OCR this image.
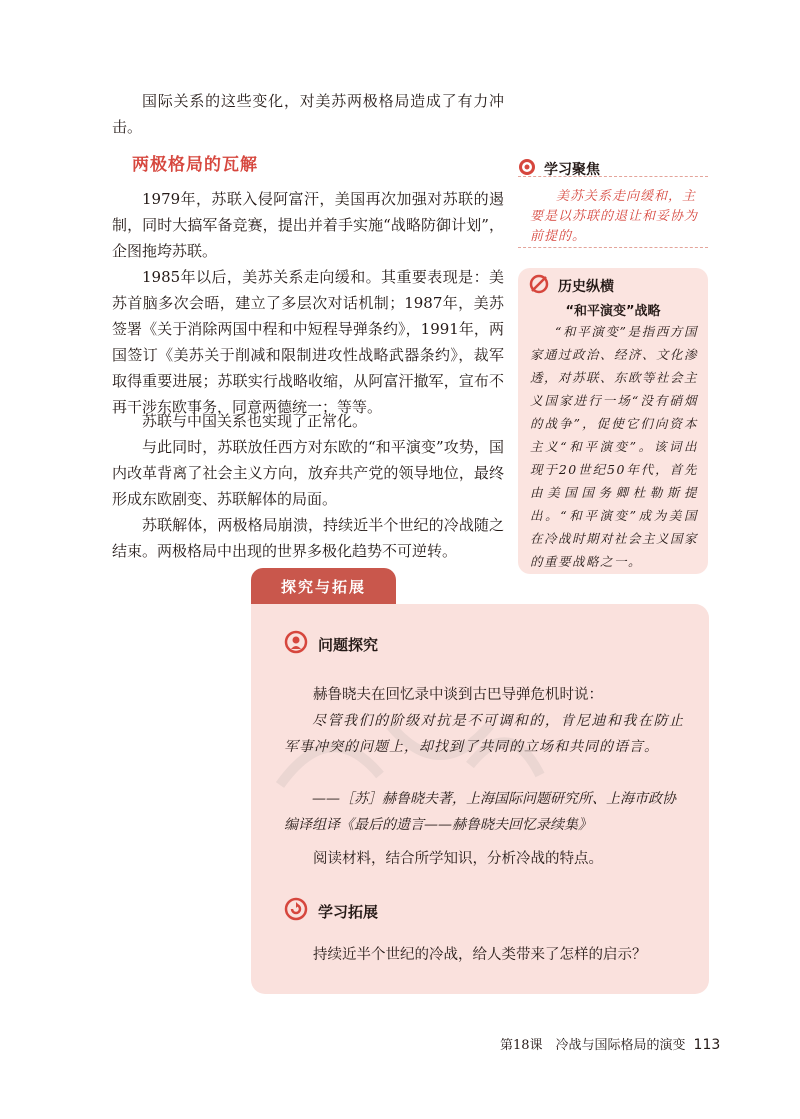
国际关系的这些变化，对美苏两极格局造成了有力冲击。

两极格局的瓦解

1979年，苏联入侵阿富汗，美国再次加强对苏联的遏制，同时大搞军备竞赛，提出并着手实施“战略防御计划”，企图拖垮苏联。

1985年以后，美苏关系走向缓和。其重要表现是：美苏首脑多次会晤，建立了多层次对话机制；1987年，美苏签署《关于消除两国中程和中短程导弹条约》，1991年，两国签订《美苏关于削减和限制进攻性战略武器条约》，裁军取得重要进展；苏联实行战略收缩，从阿富汗撤军，宣布不再干涉东欧事务，同意两德统一；等等。

苏联与中国关系也实现了正常化。

与此同时，苏联放任西方对东欧的“和平演变”攻势，国内改革背离了社会主义方向，放弃共产党的领导地位，最终形成东欧剧变、苏联解体的局面。

苏联解体，两极格局崩溃，持续近半个世纪的冷战随之结束。两极格局中出现的世界多极化趋势不可逆转。

学习聚焦

美苏关系走向缓和，主要是以苏联的退让和妥协为前提的。

历史纵横
“和平演变”战略

“和平演变”是指西方国家通过政治、经济、文化渗透，对苏联、东欧等社会主义国家进行一场“没有硝烟的战争”，促使它们向资本主义“和平演变”。该词出现于20世纪50年代，首先由美国国务卿杜勒斯提出。“和平演变”成为美国在冷战时期对社会主义国家的重要战略之一。

探究与拓展
问题探究

赫鲁晓夫在回忆录中谈到古巴导弹危机时说：

尽管我们的阶级对抗是不可调和的，肯尼迪和我在防止军事冲突的问题上，却找到了共同的立场和共同的语言。

——［苏］赫鲁晓夫著，上海国际问题研究所、上海市政协编译组译《最后的遗言——赫鲁晓夫回忆录续集》

阅读材料，结合所学知识，分析冷战的特点。

学习拓展

持续近半个世纪的冷战，给人类带来了怎样的启示？

第18课　冷战与国际格局的演变 113
